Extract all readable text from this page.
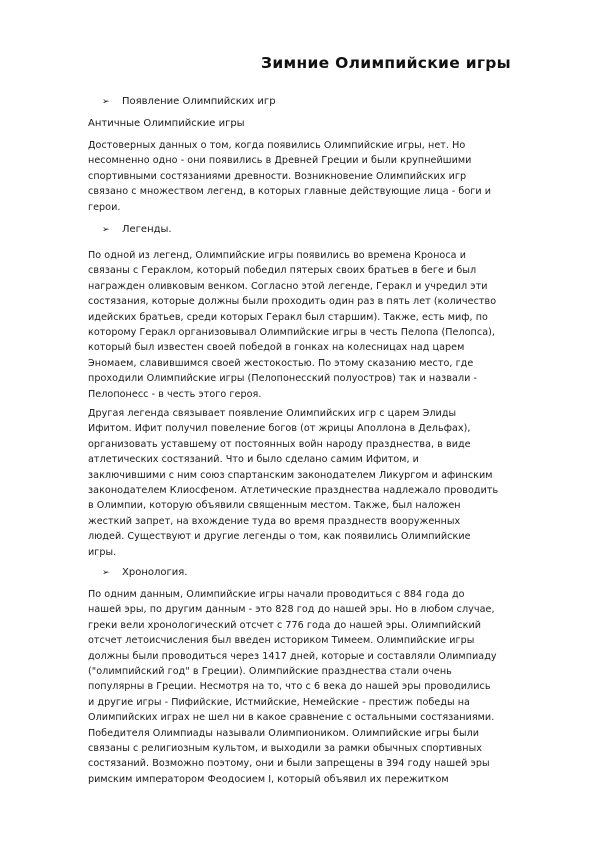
Зимние Олимпийские игры
➢ Появление Олимпийских игр
Античные Олимпийские игры
Достоверных данных о том, когда появились Олимпийские игры, нет. Но
несомненно одно - они появились в Древней Греции и были крупнейшими
спортивными состязаниями древности. Возникновение Олимпийских игр
связано с множеством легенд, в которых главные действующие лица - боги и
герои.
➢ Легенды.
По одной из легенд, Олимпийские игры появились во времена Кроноса и
связаны с Гераклом, который победил пятерых своих братьев в беге и был
награжден оливковым венком. Согласно этой легенде, Геракл и учредил эти
состязания, которые должны были проходить один раз в пять лет (количество
идейских братьев, среди которых Геракл был старшим). Также, есть миф, по
которому Геракл организовывал Олимпийские игры в честь Пелопа (Пелопса),
который был известен своей победой в гонках на колесницах над царем
Эномаем, славившимся своей жестокостью. По этому сказанию место, где
проходили Олимпийские игры (Пелопонесский полуостров) так и назвали -
Пелопонесс - в честь этого героя.
Другая легенда связывает появление Олимпийских игр с царем Элиды
Ифитом. Ифит получил повеление богов (от жрицы Аполлона в Дельфах),
организовать уставшему от постоянных войн народу празднества, в виде
атлетических состязаний. Что и было сделано самим Ифитом, и
заключившими с ним союз спартанским законодателем Ликургом и афинским
законодателем Клиосфеном. Атлетические празднества надлежало проводить
в Олимпии, которую объявили священным местом. Также, был наложен
жесткий запрет, на вхождение туда во время празднеств вооруженных
людей. Существуют и другие легенды о том, как появились Олимпийские
игры.
➢ Хронология.
По одним данным, Олимпийские игры начали проводиться с 884 года до
нашей эры, по другим данным - это 828 год до нашей эры. Но в любом случае,
греки вели хронологический отсчет с 776 года до нашей эры. Олимпийский
отсчет летоисчисления был введен историком Тимеем. Олимпийские игры
должны были проводиться через 1417 дней, которые и составляли Олимпиаду
("олимпийский год" в Греции). Олимпийские празднества стали очень
популярны в Греции. Несмотря на то, что с 6 века до нашей эры проводились
и другие игры - Пифийские, Истмийские, Немейские - престиж победы на
Олимпийских играх не шел ни в какое сравнение с остальными состязаниями.
Победителя Олимпиады называли Олимпиоником. Олимпийские игры были
связаны с религиозным культом, и выходили за рамки обычных спортивных
состязаний. Возможно поэтому, они и были запрещены в 394 году нашей эры
римским императором Феодосием I, который объявил их пережитком
